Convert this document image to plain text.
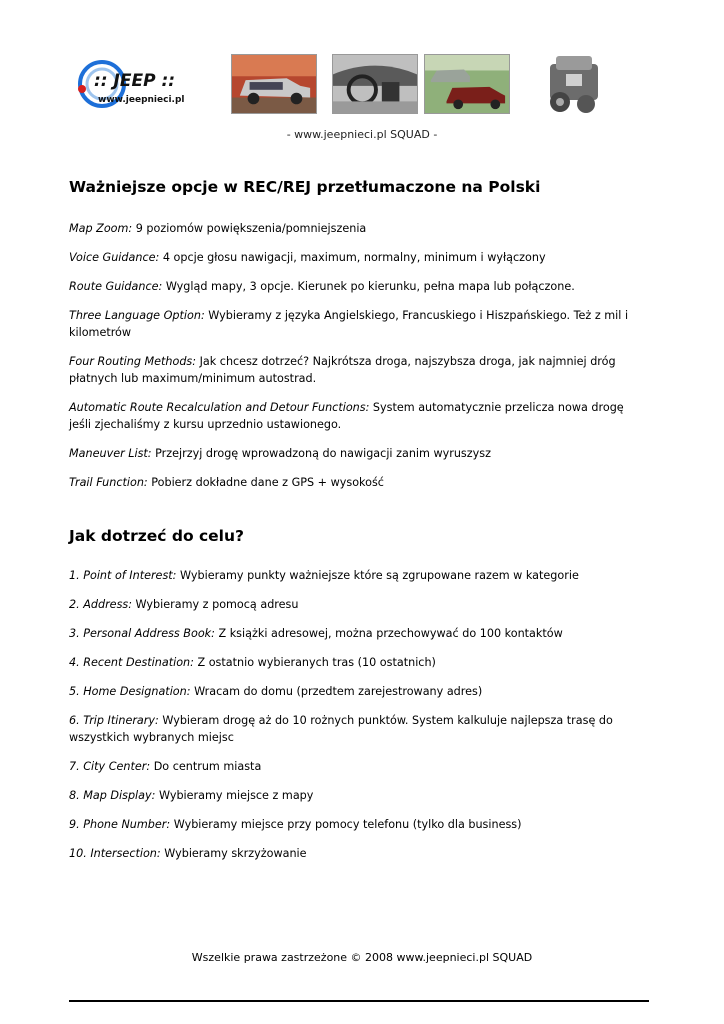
:: JEEP ::
www.jeepnieci.pl
- www.jeepnieci.pl SQUAD -
Ważniejsze opcje w REC/REJ przetłumaczone na Polski

Map Zoom: 9 poziomów powiększenia/pomniejszenia

Voice Guidance: 4 opcje głosu nawigacji, maximum, normalny, minimum i wyłączony

Route Guidance: Wygląd mapy, 3 opcje. Kierunek po kierunku, pełna mapa lub połączone.

Three Language Option: Wybieramy z języka Angielskiego, Francuskiego i Hiszpańskiego. Też z mil i kilometrów

Four Routing Methods: Jak chcesz dotrzeć? Najkrótsza droga, najszybsza droga, jak najmniej dróg płatnych lub maximum/minimum autostrad.

Automatic Route Recalculation and Detour Functions: System automatycznie przelicza nowa drogę jeśli zjechaliśmy z kursu uprzednio ustawionego.

Maneuver List: Przejrzyj drogę wprowadzoną do nawigacji zanim wyruszysz

Trail Function: Pobierz dokładne dane z GPS + wysokość

Jak dotrzeć do celu?

1. Point of Interest: Wybieramy punkty ważniejsze które są zgrupowane razem w kategorie

2. Address: Wybieramy z pomocą adresu

3. Personal Address Book: Z książki adresowej, można przechowywać do 100 kontaktów

4. Recent Destination: Z ostatnio wybieranych tras (10 ostatnich)

5. Home Designation: Wracam do domu (przedtem zarejestrowany adres)

6. Trip Itinerary: Wybieram drogę aż do 10 rożnych punktów. System kalkuluje najlepsza trasę do wszystkich wybranych miejsc

7. City Center: Do centrum miasta

8. Map Display: Wybieramy miejsce z mapy

9. Phone Number: Wybieramy miejsce przy pomocy telefonu (tylko dla business)

10. Intersection: Wybieramy skrzyżowanie

Wszelkie prawa zastrzeżone © 2008 www.jeepnieci.pl SQUAD
